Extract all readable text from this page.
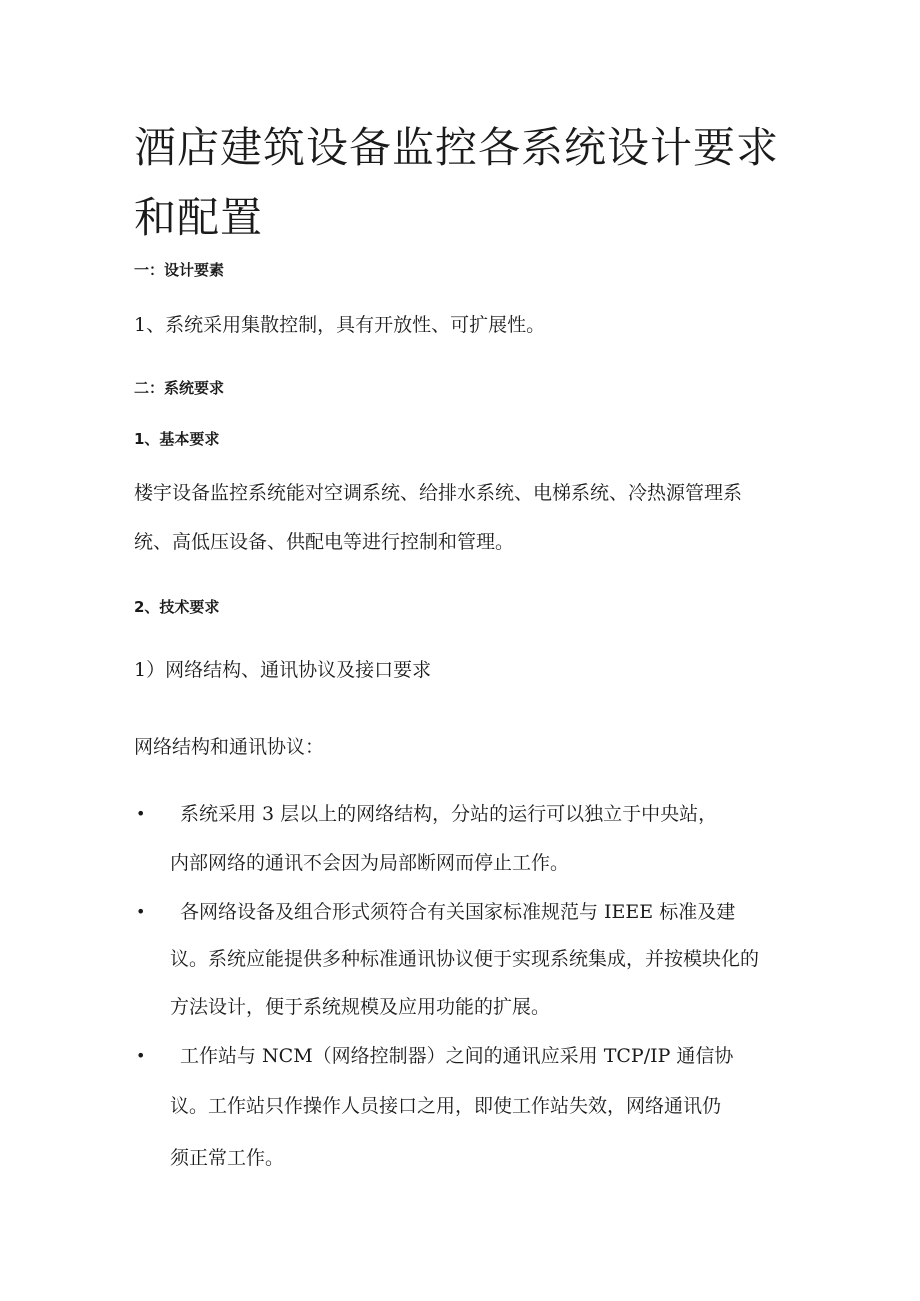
酒店建筑设备监控各系统设计要求
和配置
一：设计要素
1、系统采用集散控制，具有开放性、可扩展性。
二：系统要求
1、基本要求
楼宇设备监控系统能对空调系统、给排水系统、电梯系统、冷热源管理系
统、高低压设备、供配电等进行控制和管理。
2、技术要求
1）网络结构、通讯协议及接口要求
网络结构和通讯协议：
• 系统采用 3 层以上的网络结构，分站的运行可以独立于中央站，
内部网络的通讯不会因为局部断网而停止工作。
• 各网络设备及组合形式须符合有关国家标准规范与 IEEE 标准及建
议。系统应能提供多种标准通讯协议便于实现系统集成，并按模块化的
方法设计，便于系统规模及应用功能的扩展。
• 工作站与 NCM（网络控制器）之间的通讯应采用 TCP/IP 通信协
议。工作站只作操作人员接口之用，即使工作站失效，网络通讯仍
须正常工作。
